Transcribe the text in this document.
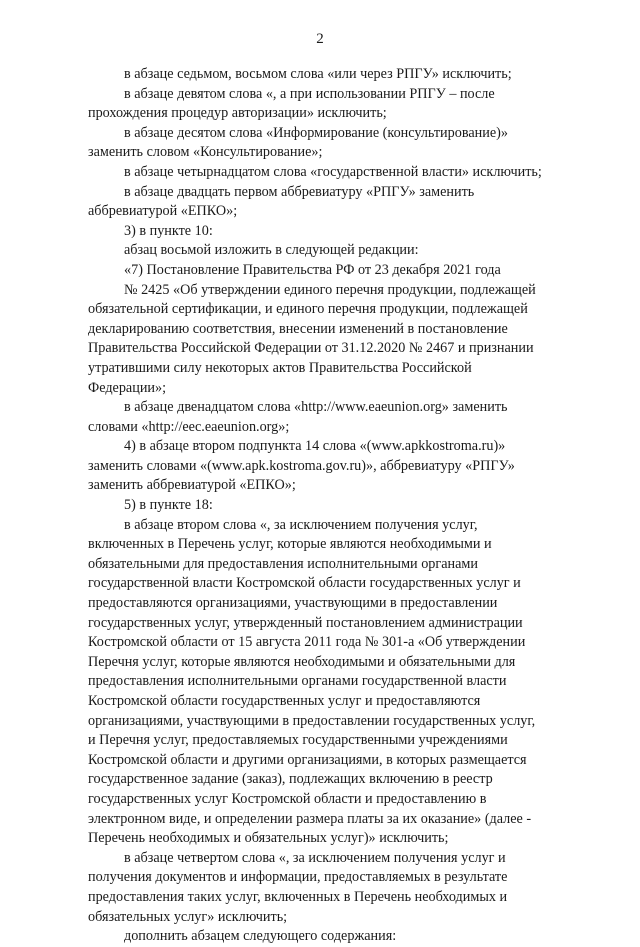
2

в абзаце седьмом, восьмом слова «или через РПГУ» исключить;

в абзаце девятом слова «, а при использовании РПГУ – после

прохождения процедур авторизации» исключить;

в абзаце десятом слова «Информирование (консультирование)»

заменить словом «Консультирование»;

в абзаце четырнадцатом слова «государственной власти» исключить;

в абзаце двадцать первом аббревиатуру «РПГУ» заменить

аббревиатурой «ЕПКО»;

3) в пункте 10:

абзац восьмой изложить в следующей редакции:

«7) Постановление Правительства РФ от 23 декабря 2021 года

№ 2425 «Об утверждении единого перечня продукции, подлежащей

обязательной сертификации, и единого перечня продукции, подлежащей

декларированию соответствия, внесении изменений в постановление

Правительства Российской Федерации от 31.12.2020 № 2467 и признании

утратившими силу некоторых актов Правительства Российской

Федерации»;

в абзаце двенадцатом слова «http://www.eaeunion.org» заменить

словами «http://eec.eaeunion.org»;

4) в абзаце втором подпункта 14 слова «(www.apkkostroma.ru)»

заменить словами «(www.apk.kostroma.gov.ru)», аббревиатуру «РПГУ»

заменить аббревиатурой «ЕПКО»;

5) в пункте 18:

в абзаце втором слова «, за исключением получения услуг,

включенных в Перечень услуг, которые являются необходимыми и

обязательными для предоставления исполнительными органами

государственной власти Костромской области государственных услуг и

предоставляются организациями, участвующими в предоставлении

государственных услуг, утвержденный постановлением администрации

Костромской области от 15 августа 2011 года № 301-а «Об утверждении

Перечня услуг, которые являются необходимыми и обязательными для

предоставления исполнительными органами государственной власти

Костромской области государственных услуг и предоставляются

организациями, участвующими в предоставлении государственных услуг,

и Перечня услуг, предоставляемых государственными учреждениями

Костромской области и другими организациями, в которых размещается

государственное задание (заказ), подлежащих включению в реестр

государственных услуг Костромской области и предоставлению в

электронном виде, и определении размера платы за их оказание» (далее -

Перечень необходимых и обязательных услуг)» исключить;

в абзаце четвертом слова «, за исключением получения услуг и

получения документов и информации, предоставляемых в результате

предоставления таких услуг, включенных в Перечень необходимых и

обязательных услуг» исключить;

дополнить абзацем следующего содержания:
